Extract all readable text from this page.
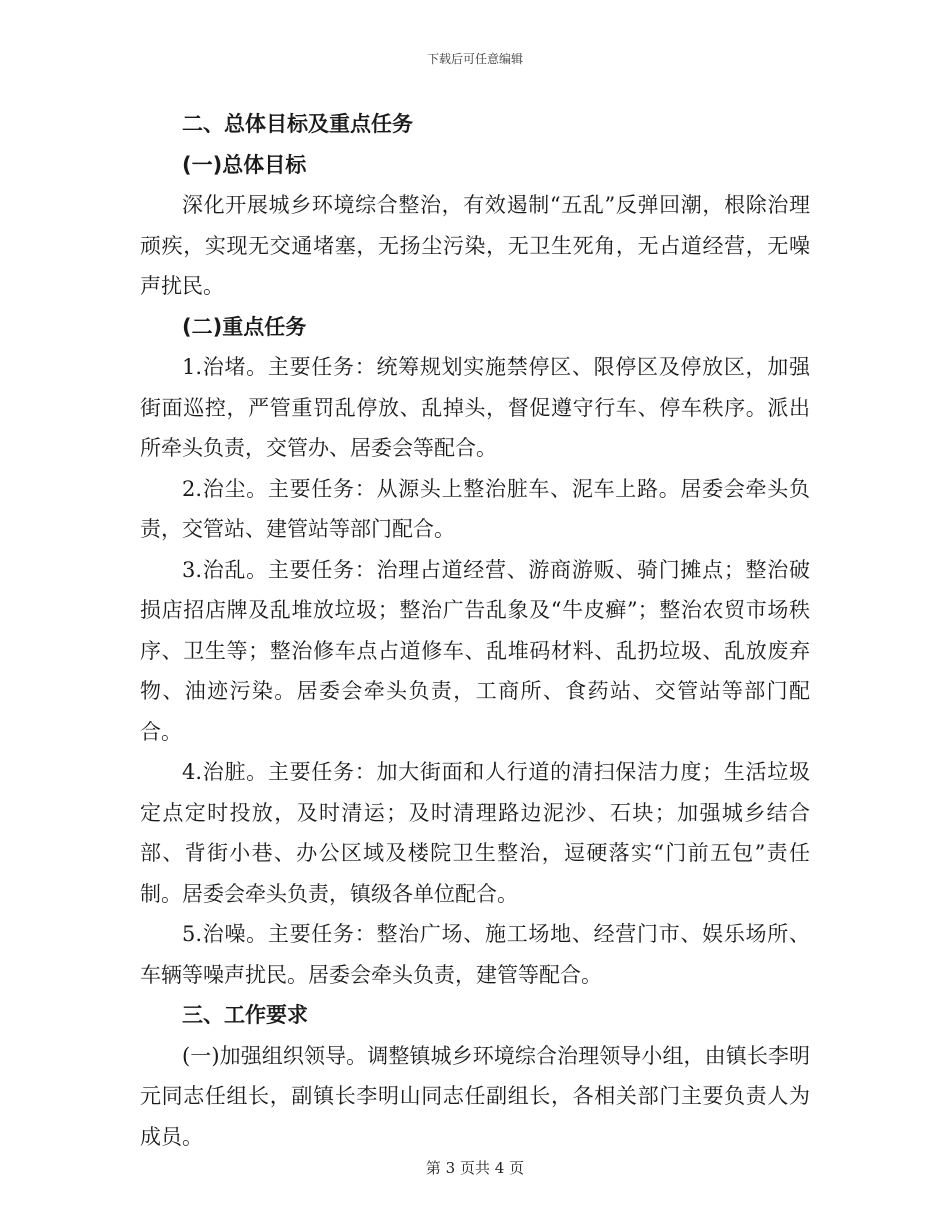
下载后可任意编辑

二、总体目标及重点任务

(一)总体目标

深化开展城乡环境综合整治，有效遏制“五乱”反弹回潮，根除治理顽疾，实现无交通堵塞，无扬尘污染，无卫生死角，无占道经营，无噪声扰民。

(二)重点任务

1.治堵。主要任务：统筹规划实施禁停区、限停区及停放区，加强街面巡控，严管重罚乱停放、乱掉头，督促遵守行车、停车秩序。派出所牵头负责，交管办、居委会等配合。

2.治尘。主要任务：从源头上整治脏车、泥车上路。居委会牵头负责，交管站、建管站等部门配合。

3.治乱。主要任务：治理占道经营、游商游贩、骑门摊点；整治破损店招店牌及乱堆放垃圾；整治广告乱象及“牛皮癣”；整治农贸市场秩序、卫生等；整治修车点占道修车、乱堆码材料、乱扔垃圾、乱放废弃物、油迹污染。居委会牵头负责，工商所、食药站、交管站等部门配合。

4.治脏。主要任务：加大街面和人行道的清扫保洁力度；生活垃圾定点定时投放，及时清运；及时清理路边泥沙、石块；加强城乡结合部、背街小巷、办公区域及楼院卫生整治，逗硬落实“门前五包”责任制。居委会牵头负责，镇级各单位配合。

5.治噪。主要任务：整治广场、施工场地、经营门市、娱乐场所、车辆等噪声扰民。居委会牵头负责，建管等配合。

三、工作要求

(一)加强组织领导。调整镇城乡环境综合治理领导小组，由镇长李明元同志任组长，副镇长李明山同志任副组长，各相关部门主要负责人为成员。

第 3 页共 4 页
